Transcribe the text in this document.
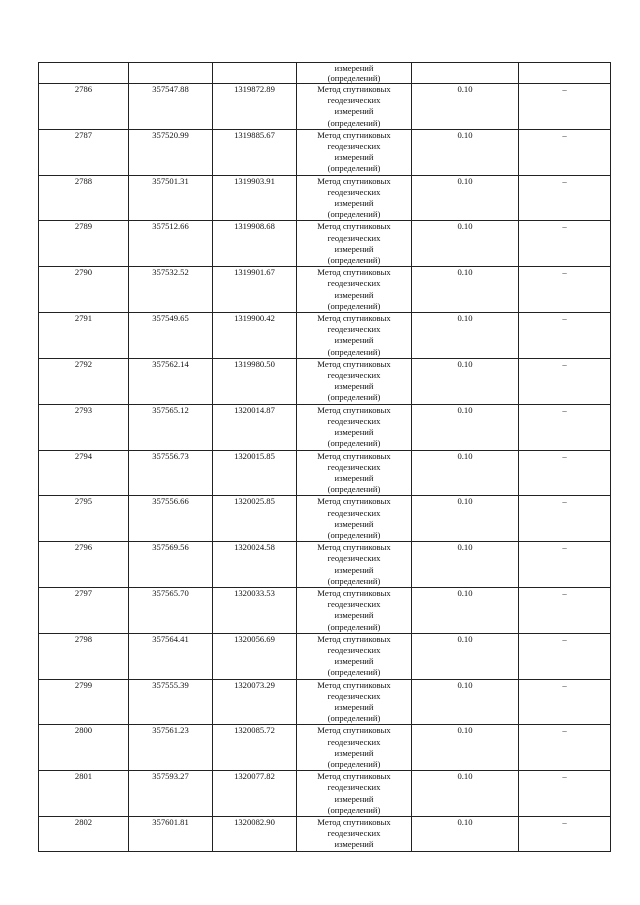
			измерений
(определений)		

2786	357547.88	1319872.89	Метод спутниковых
геодезических
измерений
(определений)	0.10	–
2787	357520.99	1319885.67	Метод спутниковых
геодезических
измерений
(определений)	0.10	–
2788	357501.31	1319903.91	Метод спутниковых
геодезических
измерений
(определений)	0.10	–
2789	357512.66	1319908.68	Метод спутниковых
геодезических
измерений
(определений)	0.10	–
2790	357532.52	1319901.67	Метод спутниковых
геодезических
измерений
(определений)	0.10	–
2791	357549.65	1319900.42	Метод спутниковых
геодезических
измерений
(определений)	0.10	–
2792	357562.14	1319980.50	Метод спутниковых
геодезических
измерений
(определений)	0.10	–
2793	357565.12	1320014.87	Метод спутниковых
геодезических
измерений
(определений)	0.10	–
2794	357556.73	1320015.85	Метод спутниковых
геодезических
измерений
(определений)	0.10	–
2795	357556.66	1320025.85	Метод спутниковых
геодезических
измерений
(определений)	0.10	–
2796	357569.56	1320024.58	Метод спутниковых
геодезических
измерений
(определений)	0.10	–
2797	357565.70	1320033.53	Метод спутниковых
геодезических
измерений
(определений)	0.10	–
2798	357564.41	1320056.69	Метод спутниковых
геодезических
измерений
(определений)	0.10	–
2799	357555.39	1320073.29	Метод спутниковых
геодезических
измерений
(определений)	0.10	–
2800	357561.23	1320085.72	Метод спутниковых
геодезических
измерений
(определений)	0.10	–
2801	357593.27	1320077.82	Метод спутниковых
геодезических
измерений
(определений)	0.10	–
2802	357601.81	1320082.90	Метод спутниковых
геодезических
измерений	0.10	–
